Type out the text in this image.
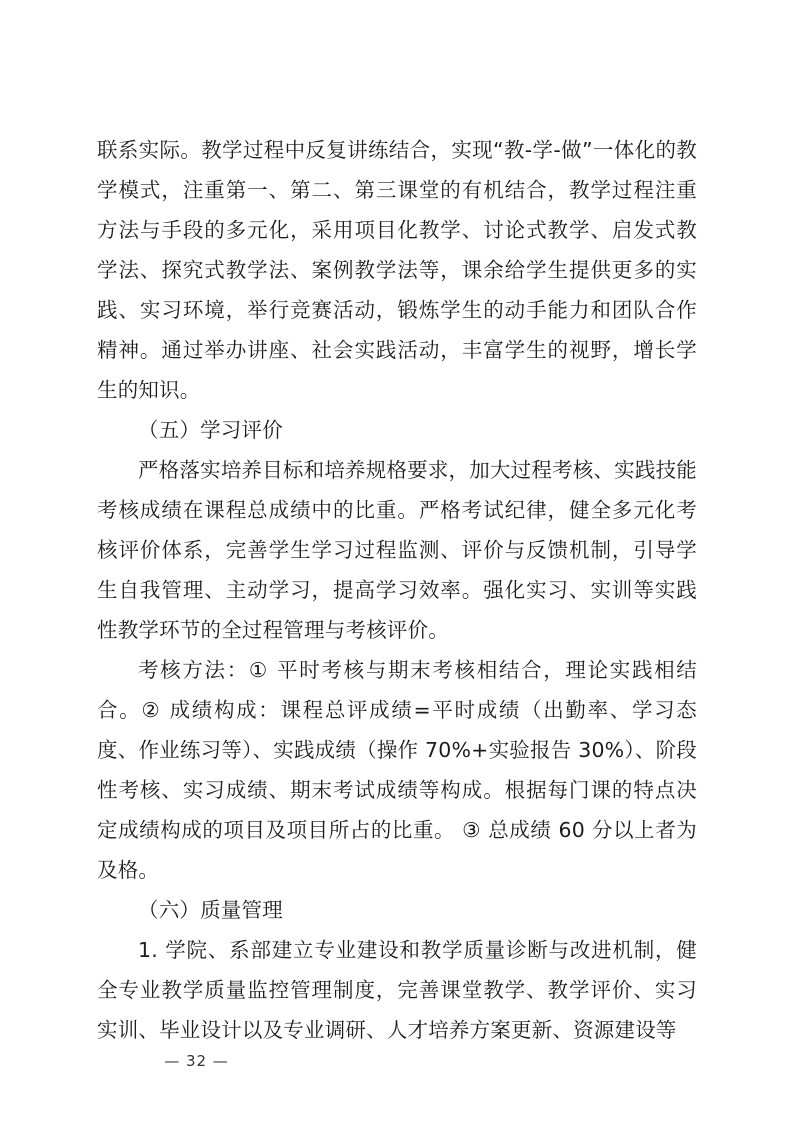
联系实际。教学过程中反复讲练结合，实现“教-学-做”一体化的教学模式，注重第一、第二、第三课堂的有机结合，教学过程注重方法与手段的多元化，采用项目化教学、讨论式教学、启发式教学法、探究式教学法、案例教学法等，课余给学生提供更多的实践、实习环境，举行竞赛活动，锻炼学生的动手能力和团队合作精神。通过举办讲座、社会实践活动，丰富学生的视野，增长学生的知识。

（五）学习评价

严格落实培养目标和培养规格要求，加大过程考核、实践技能考核成绩在课程总成绩中的比重。严格考试纪律，健全多元化考核评价体系，完善学生学习过程监测、评价与反馈机制，引导学生自我管理、主动学习，提高学习效率。强化实习、实训等实践性教学环节的全过程管理与考核评价。

考核方法：① 平时考核与期末考核相结合，理论实践相结合。② 成绩构成：课程总评成绩=平时成绩（出勤率、学习态度、作业练习等）、实践成绩（操作 70%+实验报告 30%）、阶段性考核、实习成绩、期末考试成绩等构成。根据每门课的特点决定成绩构成的项目及项目所占的比重。 ③ 总成绩 60 分以上者为及格。

（六）质量管理

1. 学院、系部建立专业建设和教学质量诊断与改进机制，健全专业教学质量监控管理制度，完善课堂教学、教学评价、实习实训、毕业设计以及专业调研、人才培养方案更新、资源建设等

— 32 —
